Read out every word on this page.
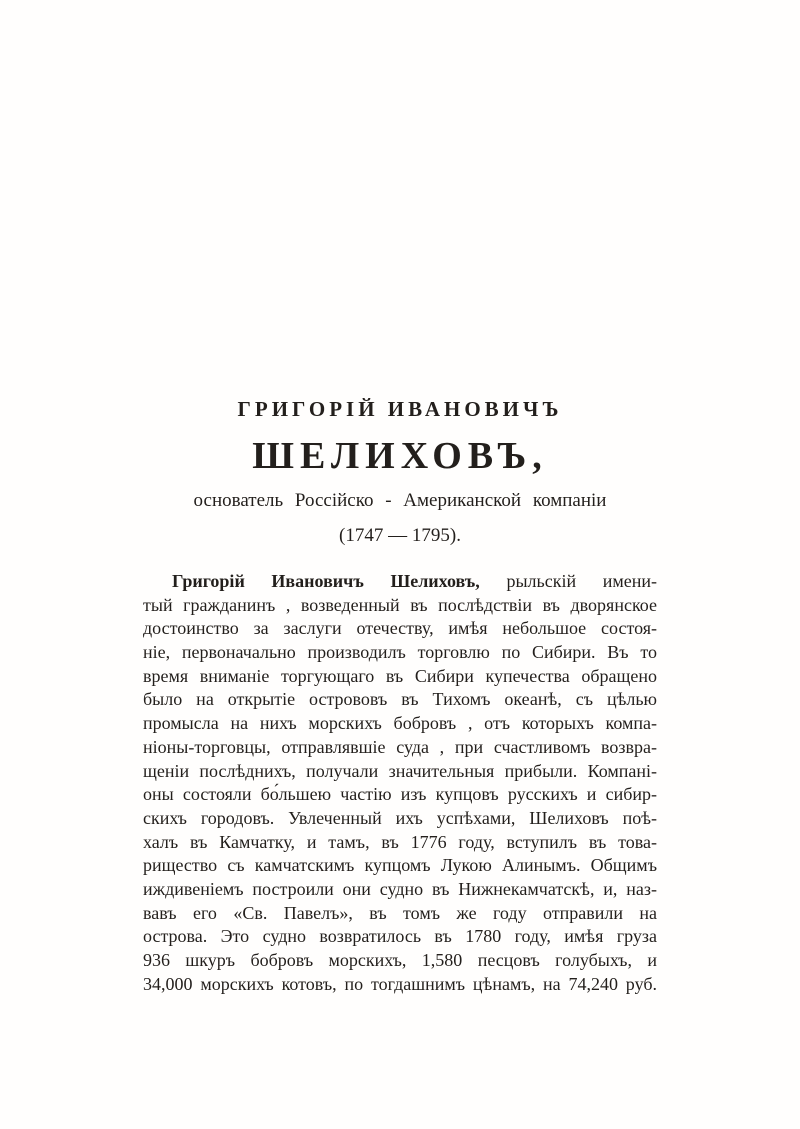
ГРИГОРІЙ ИВАНОВИЧЪ
ШЕЛИХОВЪ,
основатель Россійско - Американской компаніи
(1747 — 1795).
Григорій Ивановичъ Шелиховъ, рыльскій имени-
тый гражданинъ , возведенный въ послѣдствіи въ дворянское
достоинство за заслуги отечеству, имѣя небольшое состоя-
ніе, первоначально производилъ торговлю по Сибири. Въ то
время вниманіе торгующаго въ Сибири купечества обращено
было на открытіе острововъ въ Тихомъ океанѣ, съ цѣлью
промысла на нихъ морскихъ бобровъ , отъ которыхъ компа-
ніоны-торговцы, отправлявшіе суда , при счастливомъ возвра-
щеніи послѣднихъ, получали значительныя прибыли. Компані-
оны состояли бо́льшею частію изъ купцовъ русскихъ и сибир-
скихъ городовъ. Увлеченный ихъ успѣхами, Шелиховъ поѣ-
халъ въ Камчатку, и тамъ, въ 1776 году, вступилъ въ това-
рищество съ камчатскимъ купцомъ Лукою Алинымъ. Общимъ
иждивеніемъ построили они судно въ Нижнекамчатскѣ, и, наз-
вавъ его «Св. Павелъ», въ томъ же году отправили на
острова. Это судно возвратилось въ 1780 году, имѣя груза
936 шкуръ бобровъ морскихъ, 1,580 песцовъ голубыхъ, и
34,000 морскихъ котовъ, по тогдашнимъ цѣнамъ, на 74,240 руб.
